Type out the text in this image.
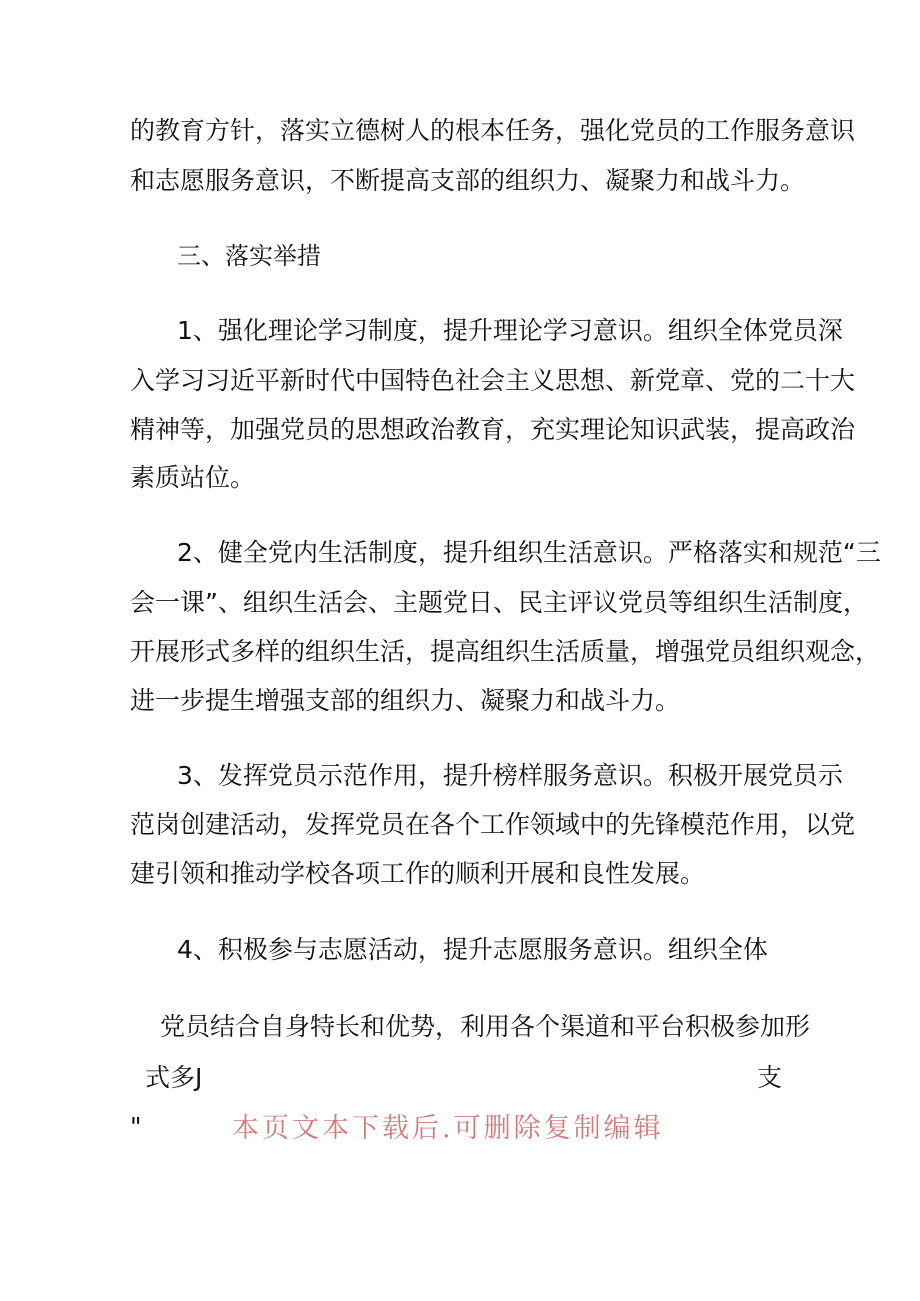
的教育方针，落实立德树人的根本任务，强化党员的工作服务意识
和志愿服务意识，不断提高支部的组织力、凝聚力和战斗力。
三、落实举措
1、强化理论学习制度，提升理论学习意识。组织全体党员深
入学习习近平新时代中国特色社会主义思想、新党章、党的二十大
精神等，加强党员的思想政治教育，充实理论知识武装，提高政治
素质站位。
2、健全党内生活制度，提升组织生活意识。严格落实和规范“三
会一课”、组织生活会、主题党日、民主评议党员等组织生活制度，
开展形式多样的组织生活，提高组织生活质量，增强党员组织观念，
进一步提生增强支部的组织力、凝聚力和战斗力。
3、发挥党员示范作用，提升榜样服务意识。积极开展党员示
范岗创建活动，发挥党员在各个工作领域中的先锋模范作用，以党
建引领和推动学校各项工作的顺利开展和良性发展。
4、积极参与志愿活动，提升志愿服务意识。组织全体
党员结合自身特长和优势，利用各个渠道和平台积极参加形
式多J	支
"	本页文本下载后.可删除复制编辑
